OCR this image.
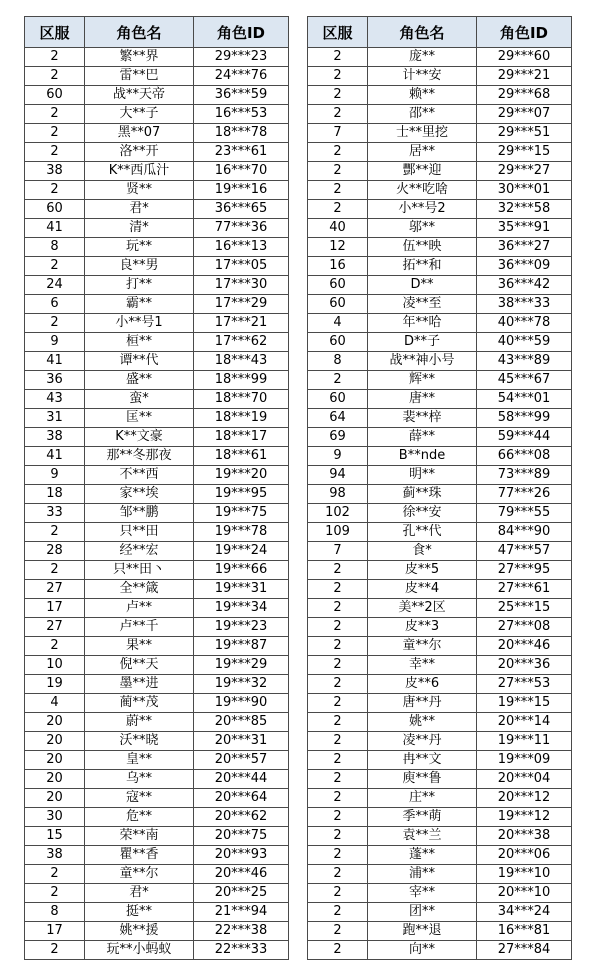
区服	角色名	角色ID
2	繁**界	29***23
2	雷**巴	24***76
60	战**天帝	36***59
2	大**子	16***53
2	黑**07	18***78
2	洛**开	23***61
38	K**西瓜汁	16***70
2	贤**	19***16
60	君*	36***65
41	清*	77***36
8	玩**	16***13
2	良**男	17***05
24	打**	17***30
6	霸**	17***29
2	小**号1	17***21
9	桓**	17***62
41	谭**代	18***43
36	盛**	18***99
43	蛮*	18***70
31	匡**	18***19
38	K**文豪	18***17
41	那**冬那夜	18***61
9	不**西	19***20
18	家**埃	19***95
33	邹**鹏	19***75
2	只**田	19***78
28	经**宏	19***24
2	只**田丶	19***66
27	全**箴	19***31
17	卢**	19***34
27	卢**千	19***23
2	果**	19***87
10	倪**天	19***29
19	墨**进	19***32
4	蔺**茂	19***90
20	蔚**	20***85
20	沃**晓	20***31
20	皇**	20***57
20	乌**	20***44
20	寇**	20***64
30	危**	20***62
15	荣**南	20***75
38	瞿**香	20***93
2	童**尔	20***46
2	君*	20***25
8	挺**	21***94
17	姚**援	22***38
2	玩**小蚂蚁	22***33
区服	角色名	角色ID
2	庞**	29***60
2	计**安	29***21
2	赖**	29***68
2	邵**	29***07
7	士**里挖	29***51
2	居**	29***15
2	酆**迎	29***27
2	火**吃啥	30***01
2	小**号2	32***58
40	邬**	35***91
12	伍**映	36***27
16	拓**和	36***09
60	D**	36***42
60	凌**至	38***33
4	年**哈	40***78
60	D**子	40***59
8	战**神小号	43***89
2	辉**	45***67
60	唐**	54***01
64	裴**梓	58***99
69	薛**	59***44
9	B**nde	66***08
94	明**	73***89
98	蓟**珠	77***26
102	徐**安	79***55
109	孔**代	84***90
7	食*	47***57
2	皮**5	27***95
2	皮**4	27***61
2	美**2区	25***15
2	皮**3	27***08
2	童**尔	20***46
2	幸**	20***36
2	皮**6	27***53
2	唐**丹	19***15
2	姚**	20***14
2	凌**丹	19***11
2	冉**文	19***09
2	庾**鲁	20***04
2	庄**	20***12
2	季**萌	19***12
2	袁**兰	20***38
2	蓬**	20***06
2	浦**	19***10
2	宰**	20***10
2	团**	34***24
2	跑**退	16***81
2	向**	27***84
